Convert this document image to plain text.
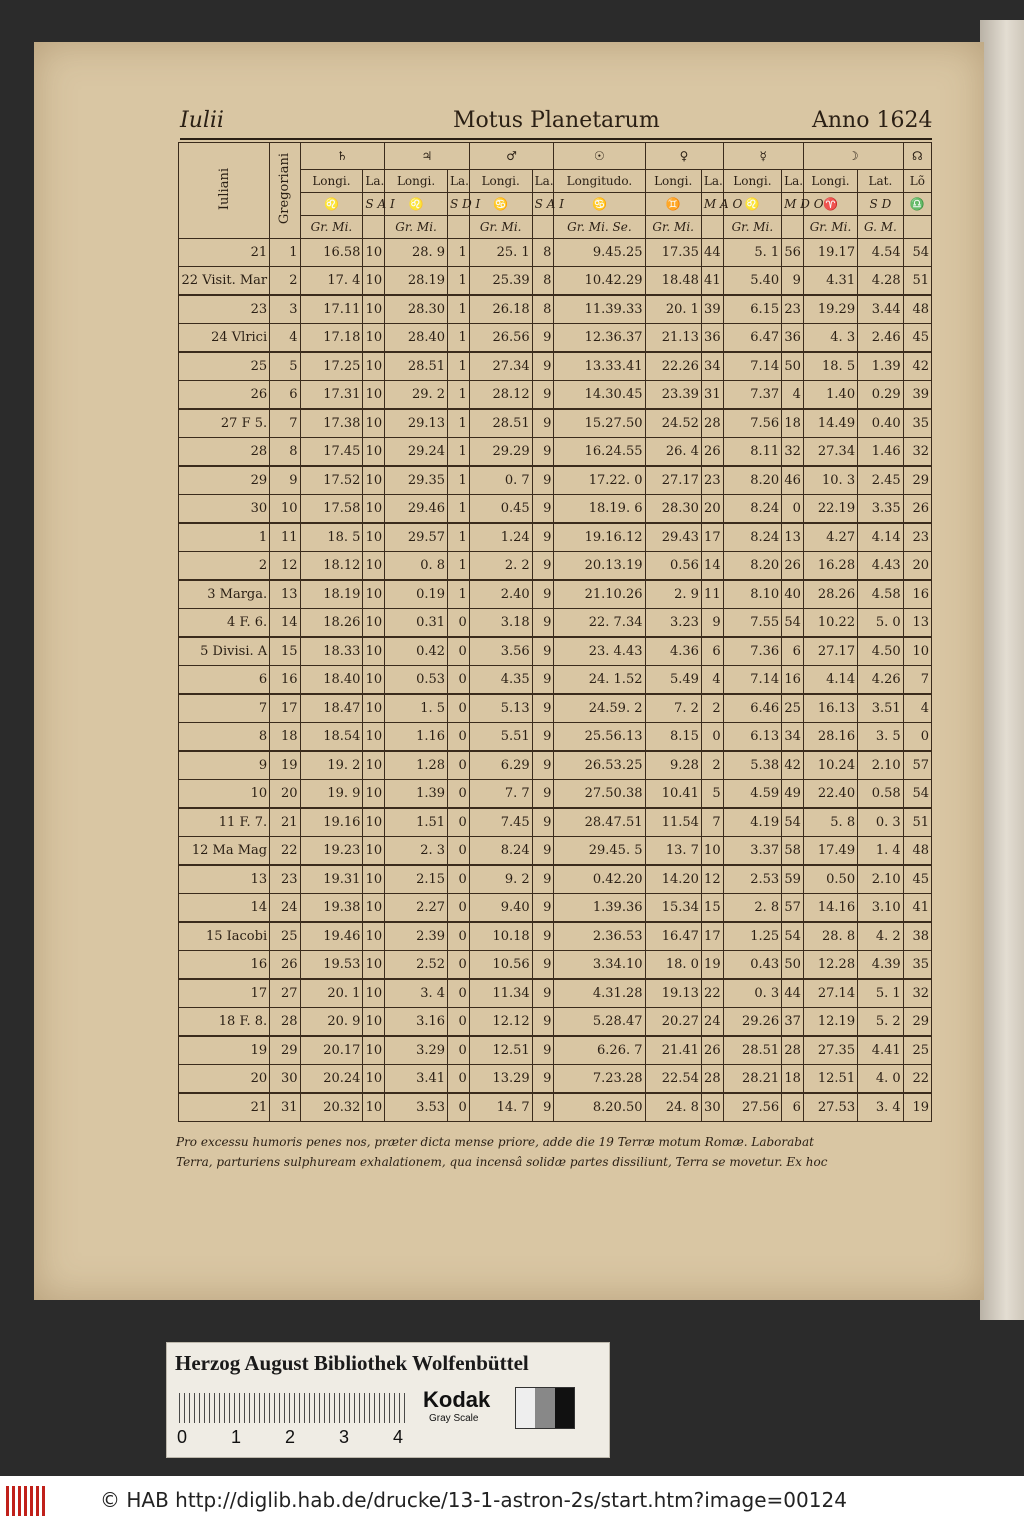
Iulii	Motus Planetarum	Anno 1624
Iuliani	Gregoriani	♄		♃		♂		☉	♀		☿		☽		☊
		Longi.	La.	Longi.	La.	Longi.	La.	Longitudo.	Longi.	La.	Longi.	La.	Longi.	Lat.	Lõ
		♌	S A I	♌	S D I	♋	S A I	♋	♊	M A O	♌	M D O	♈	S D	♎
		Gr. Mi.		Gr. Mi.		Gr. Mi.		Gr. Mi. Se.	Gr. Mi.		Gr. Mi.		Gr. Mi.	G. M.	
21	1	16.58	10	28. 9	1	25. 1	8	9.45.25	17.35	44	5. 1	56	19.17	4.54	54
22 Visit. Mar	2	17. 4	10	28.19	1	25.39	8	10.42.29	18.48	41	5.40	9	4.31	4.28	51
23	3	17.11	10	28.30	1	26.18	8	11.39.33	20. 1	39	6.15	23	19.29	3.44	48
24 Vlrici	4	17.18	10	28.40	1	26.56	9	12.36.37	21.13	36	6.47	36	4. 3	2.46	45
25	5	17.25	10	28.51	1	27.34	9	13.33.41	22.26	34	7.14	50	18. 5	1.39	42
26	6	17.31	10	29. 2	1	28.12	9	14.30.45	23.39	31	7.37	4	1.40	0.29	39
27 F 5.	7	17.38	10	29.13	1	28.51	9	15.27.50	24.52	28	7.56	18	14.49	0.40	35
28	8	17.45	10	29.24	1	29.29	9	16.24.55	26. 4	26	8.11	32	27.34	1.46	32
29	9	17.52	10	29.35	1	0. 7	9	17.22. 0	27.17	23	8.20	46	10. 3	2.45	29
30	10	17.58	10	29.46	1	0.45	9	18.19. 6	28.30	20	8.24	0	22.19	3.35	26
1	11	18. 5	10	29.57	1	1.24	9	19.16.12	29.43	17	8.24	13	4.27	4.14	23
2	12	18.12	10	0. 8	1	2. 2	9	20.13.19	0.56	14	8.20	26	16.28	4.43	20
3 Marga.	13	18.19	10	0.19	1	2.40	9	21.10.26	2. 9	11	8.10	40	28.26	4.58	16
4 F. 6.	14	18.26	10	0.31	0	3.18	9	22. 7.34	3.23	9	7.55	54	10.22	5. 0	13
5 Divisi. A	15	18.33	10	0.42	0	3.56	9	23. 4.43	4.36	6	7.36	6	27.17	4.50	10
6	16	18.40	10	0.53	0	4.35	9	24. 1.52	5.49	4	7.14	16	4.14	4.26	7
7	17	18.47	10	1. 5	0	5.13	9	24.59. 2	7. 2	2	6.46	25	16.13	3.51	4
8	18	18.54	10	1.16	0	5.51	9	25.56.13	8.15	0	6.13	34	28.16	3. 5	0
9	19	19. 2	10	1.28	0	6.29	9	26.53.25	9.28	2	5.38	42	10.24	2.10	57
10	20	19. 9	10	1.39	0	7. 7	9	27.50.38	10.41	5	4.59	49	22.40	0.58	54
11 F. 7.	21	19.16	10	1.51	0	7.45	9	28.47.51	11.54	7	4.19	54	5. 8	0. 3	51
12 Ma Mag	22	19.23	10	2. 3	0	8.24	9	29.45. 5	13. 7	10	3.37	58	17.49	1. 4	48
13	23	19.31	10	2.15	0	9. 2	9	0.42.20	14.20	12	2.53	59	0.50	2.10	45
14	24	19.38	10	2.27	0	9.40	9	1.39.36	15.34	15	2. 8	57	14.16	3.10	41
15 Iacobi	25	19.46	10	2.39	0	10.18	9	2.36.53	16.47	17	1.25	54	28. 8	4. 2	38
16	26	19.53	10	2.52	0	10.56	9	3.34.10	18. 0	19	0.43	50	12.28	4.39	35
17	27	20. 1	10	3. 4	0	11.34	9	4.31.28	19.13	22	0. 3	44	27.14	5. 1	32
18 F. 8.	28	20. 9	10	3.16	0	12.12	9	5.28.47	20.27	24	29.26	37	12.19	5. 2	29
19	29	20.17	10	3.29	0	12.51	9	6.26. 7	21.41	26	28.51	28	27.35	4.41	25
20	30	20.24	10	3.41	0	13.29	9	7.23.28	22.54	28	28.21	18	12.51	4. 0	22
21	31	20.32	10	3.53	0	14. 7	9	8.20.50	24. 8	30	27.56	6	27.53	3. 4	19
Pro excessu humoris penes nos, præter dicta mense priore, adde die 19 Terræ motum Romæ. Laborabat
Terra, parturiens sulphuream exhalationem, qua incensâ solidæ partes dissiliunt, Terra se movetur. Ex hoc
Herzog August Bibliothek Wolfenbüttel
0 1 2 3 4
Kodak
Gray Scale
© HAB http://diglib.hab.de/drucke/13-1-astron-2s/start.htm?image=00124
